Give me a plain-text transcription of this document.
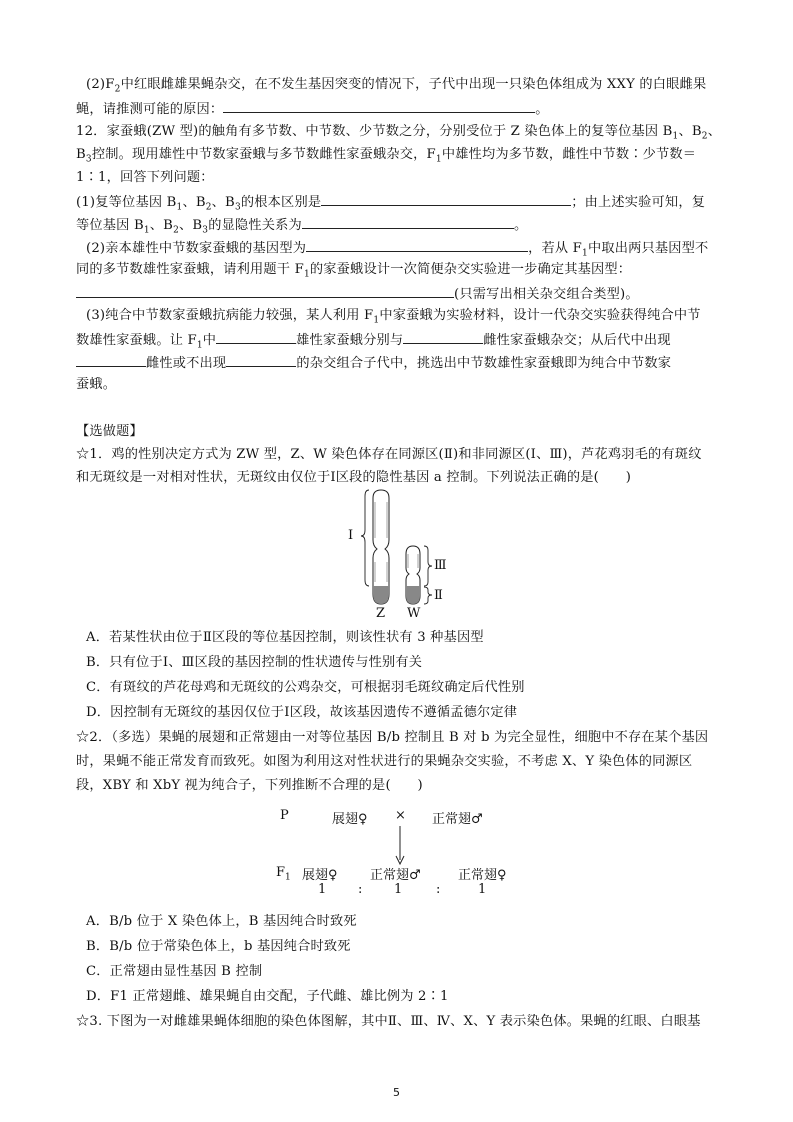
$(2)F_2$中红眼雌雄果蝇杂交，在不发生基因突变的情况下，子代中出现一只染色体组成为 XXY 的白眼雌果
蝇，请推测可能的原因：	。
12．家蚕蛾(ZW 型)的触角有多节数、中节数、少节数之分，分别受位于 Z 染色体上的复等位基因 $B_1$、$B_2$、
$B_3$控制。现用雄性中节数家蚕蛾与多节数雌性家蚕蛾杂交，$F_1$中雄性均为多节数，雌性中节数∶少节数＝
1∶1，回答下列问题：
(1)复等位基因 $B_1$、$B_2$、$B_3$的根本区别是	；由上述实验可知，复
等位基因 $B_1$、$B_2$、$B_3$的显隐性关系为	。
(2)亲本雄性中节数家蚕蛾的基因型为	，若从 $F_1$中取出两只基因型不
同的多节数雄性家蚕蛾，请利用题干 $F_1$的家蚕蛾设计一次简便杂交实验进一步确定其基因型：
(只需写出相关杂交组合类型)。
(3)纯合中节数家蚕蛾抗病能力较强，某人利用 $F_1$中家蚕蛾为实验材料，设计一代杂交实验获得纯合中节
数雄性家蚕蛾。让 $F_1$中	雄性家蚕蛾分别与	雌性家蚕蛾杂交；从后代中出现
雌性或不出现	的杂交组合子代中，挑选出中节数雄性家蚕蛾即为纯合中节数家
蚕蛾。
【选做题】
☆1．鸡的性别决定方式为 ZW 型，Z、W 染色体存在同源区(Ⅱ)和非同源区(Ⅰ、Ⅲ)，芦花鸡羽毛的有斑纹
和无斑纹是一对相对性状，无斑纹由仅位于Ⅰ区段的隐性基因 a 控制。下列说法正确的是(　　)
Ⅰ
Ⅲ
Ⅱ
Z W
A．若某性状由位于Ⅱ区段的等位基因控制，则该性状有 3 种基因型
B．只有位于Ⅰ、Ⅲ区段的基因控制的性状遗传与性别有关
C．有斑纹的芦花母鸡和无斑纹的公鸡杂交，可根据羽毛斑纹确定后代性别
D．因控制有无斑纹的基因仅位于Ⅰ区段，故该基因遗传不遵循孟德尔定律
☆2．（多选）果蝇的展翅和正常翅由一对等位基因 B/b 控制且 B 对 b 为完全显性，细胞中不存在某个基因
时，果蝇不能正常发育而致死。如图为利用这对性状进行的果蝇杂交实验，不考虑 X、Y 染色体的同源区
段，XBY 和 XbY 视为纯合子，下列推断不合理的是(　　)
P	展翅♀ × 正常翅♂
$F_1$ 展翅♀ 正常翅♂	正常翅♀
1 : 1	:	1
A．B/b 位于 X 染色体上，B 基因纯合时致死
B．B/b 位于常染色体上，b 基因纯合时致死
C．正常翅由显性基因 B 控制
D．F1 正常翅雌、雄果蝇自由交配，子代雌、雄比例为 2∶1
☆3. 下图为一对雌雄果蝇体细胞的染色体图解，其中Ⅱ、Ⅲ、Ⅳ、X、Y 表示染色体。果蝇的红眼、白眼基
5
